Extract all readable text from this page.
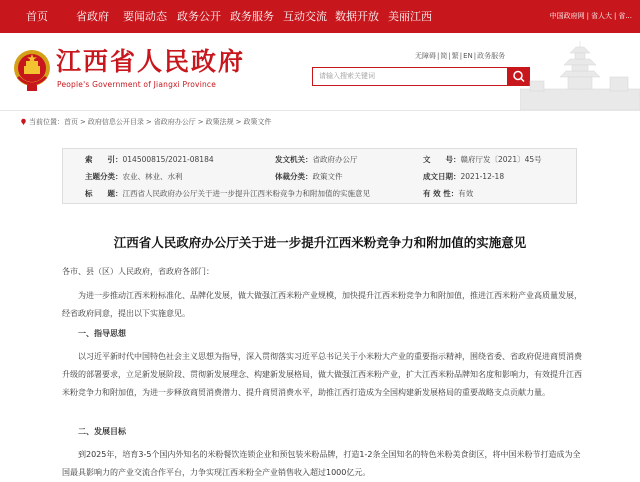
首页	省政府 要闻动态 政务公开 政务服务 互动交流 数据开放 美丽江西	中国政府网 | 省人大 | 省...
江西省人民政府
People's Government of Jiangxi Province
无障碍|简|繁|EN|政务服务
请输入搜索关键词
当前位置：首页 > 政府信息公开目录 > 省政府办公厅 > 政策法规 > 政策文件
索　　引：014500815/2021-08184	发文机关：省政府办公厅	文　　号：赣府厅发〔2021〕45号
主题分类：农业、林业、水利	体裁分类：政策文件	成文日期：2021-12-18
标　　题：江西省人民政府办公厅关于进一步提升江西米粉竞争力和附加值的实施意见	有 效 性：有效
江西省人民政府办公厅关于进一步提升江西米粉竞争力和附加值的实施意见
各市、县（区）人民政府，省政府各部门：
为进一步推动江西米粉标准化、品牌化发展，做大做强江西米粉产业规模，加快提升江西米粉竞争力和附加值，推进江西米粉产业高质量发展，经省政府同意，提出以下实施意见。
一、指导思想
以习近平新时代中国特色社会主义思想为指导，深入贯彻落实习近平总书记关于小米粉大产业的重要指示精神，围绕省委、省政府促进商贸消费升级的部署要求，立足新发展阶段、贯彻新发展理念、构建新发展格局，做大做强江西米粉产业，扩大江西米粉品牌知名度和影响力，有效提升江西米粉竞争力和附加值，为进一步释放商贸消费潜力、提升商贸消费水平，助推江西打造成为全国构建新发展格局的重要战略支点贡献力量。
二、发展目标
到2025年，培育3-5个国内外知名的米粉餐饮连锁企业和预包装米粉品牌，打造1-2条全国知名的特色米粉美食街区，将中国米粉节打造成为全国最具影响力的产业交流合作平台，力争实现江西米粉全产业销售收入超过1000亿元。
